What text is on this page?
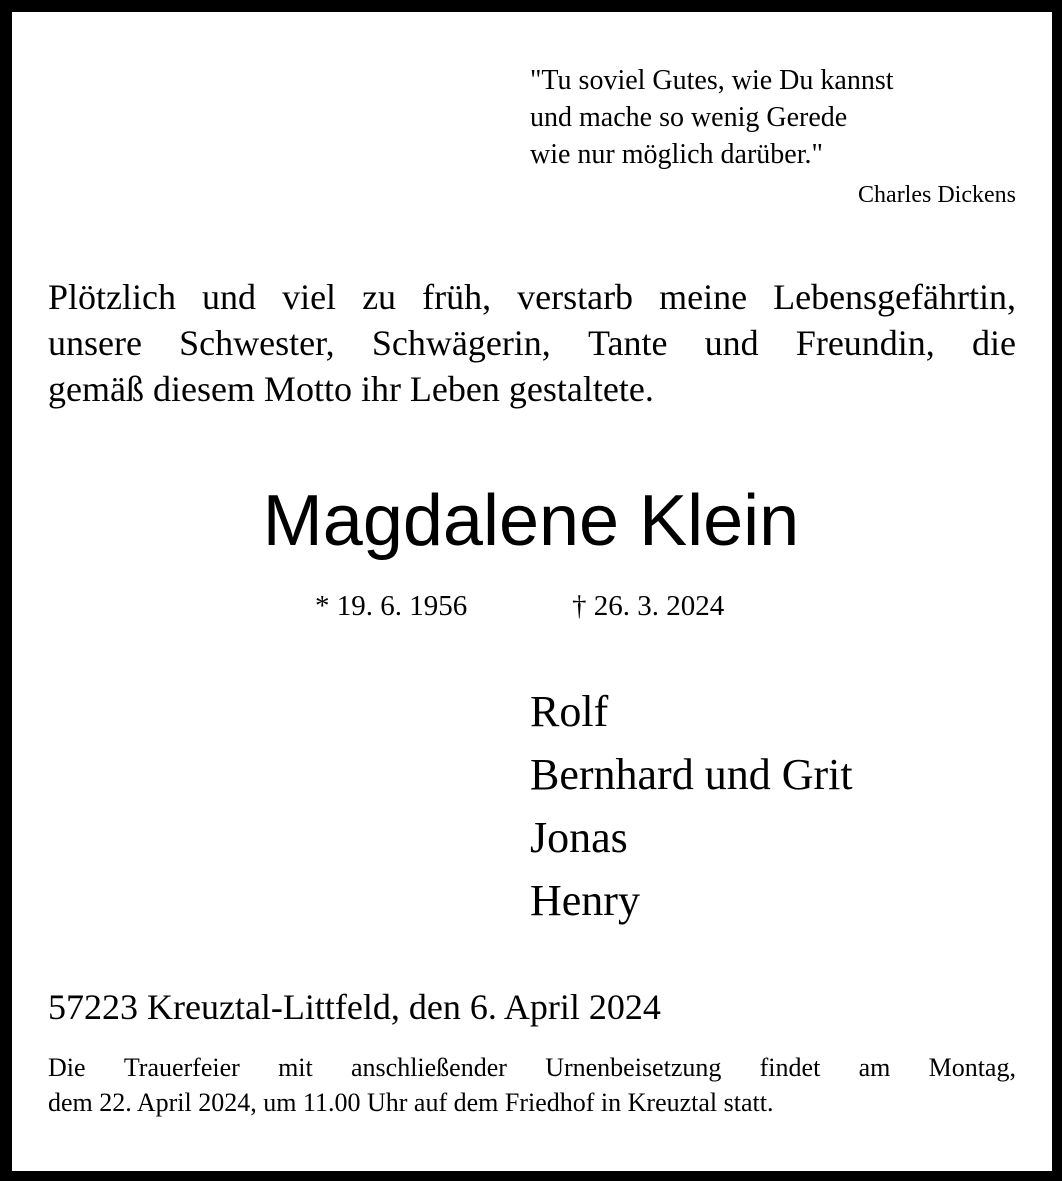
"Tu soviel Gutes, wie Du kannst
und mache so wenig Gerede
wie nur möglich darüber."
Charles Dickens
Plötzlich und viel zu früh, verstarb meine Lebensgefährtin,
unsere Schwester, Schwägerin, Tante und Freundin, die
gemäß diesem Motto ihr Leben gestaltete.
Magdalene Klein
* 19. 6. 1956	† 26. 3. 2024
Rolf
Bernhard und Grit
Jonas
Henry
57223 Kreuztal-Littfeld, den 6. April 2024
Die Trauerfeier mit anschließender Urnenbeisetzung findet am Montag,
dem 22. April 2024, um 11.00 Uhr auf dem Friedhof in Kreuztal statt.
